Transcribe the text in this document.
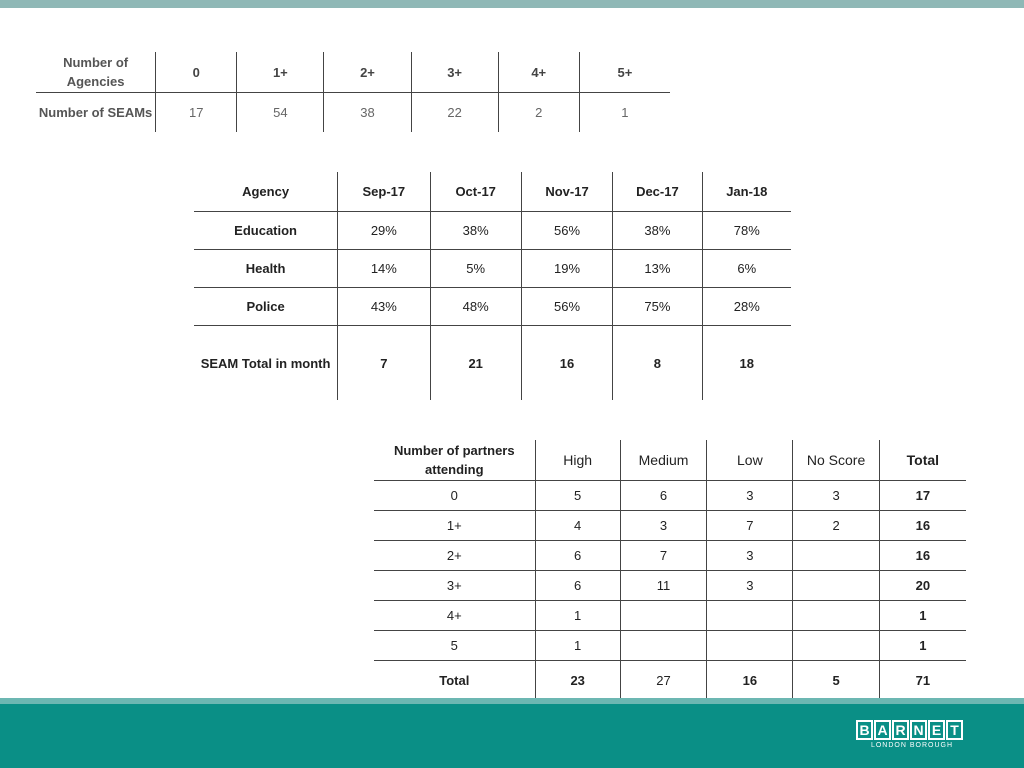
Number of Agencies	0	1+	2+	3+	4+	5+
Number of SEAMs	17	54	38	22	2	1
Agency	Sep-17	Oct-17	Nov-17	Dec-17	Jan-18
Education	29%	38%	56%	38%	78%
Health	14%	5%	19%	13%	6%
Police	43%	48%	56%	75%	28%
SEAM Total in month	7	21	16	8	18
Number of partners attending	High	Medium	Low	No Score	Total
0	5	6	3	3	17
1+	4	3	7	2	16
2+	6	7	3		16
3+	6	11	3		20
4+	1				1
5	1				1
Total	23	27	16	5	71
B A R N E T
LONDON BOROUGH
